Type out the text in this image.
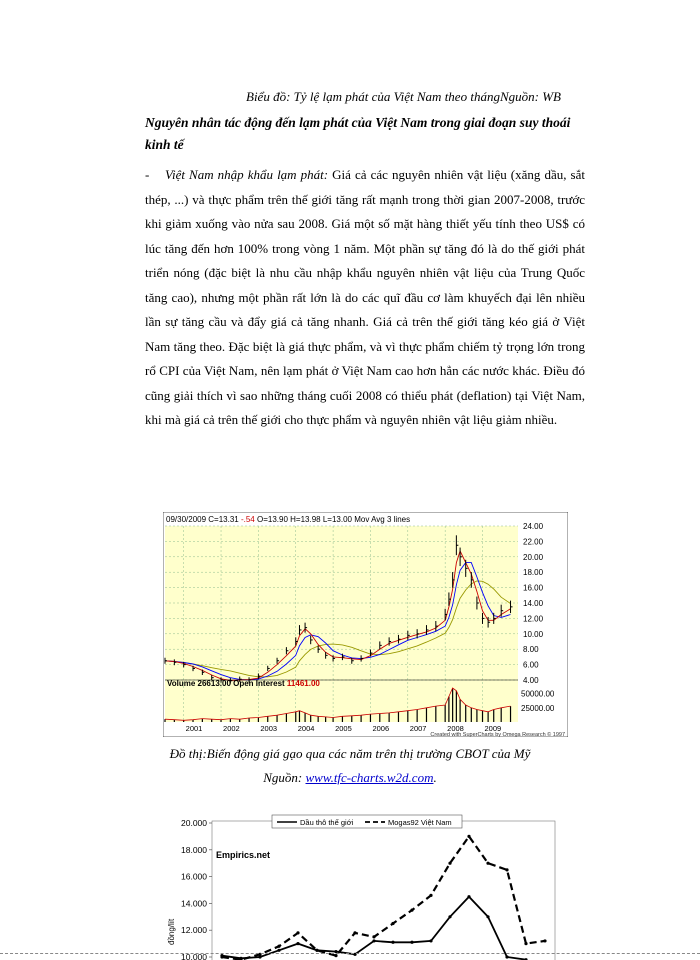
Biểu đồ: Tỷ lệ lạm phát của Việt Nam theo thángNguồn: WB
Nguyên nhân tác động đến lạm phát của Việt Nam trong giai đoạn suy thoái kinh tế
- Việt Nam nhập khẩu lạm phát: Giá cả các nguyên nhiên vật liệu (xăng dầu, sắt thép, ...) và thực phẩm trên thế giới tăng rất mạnh trong thời gian 2007-2008, trước khi giảm xuống vào nửa sau 2008. Giá một số mặt hàng thiết yếu tính theo US$ có lúc tăng đến hơn 100% trong vòng 1 năm. Một phần sự tăng đó là do thế giới phát triển nóng (đặc biệt là nhu cầu nhập khẩu nguyên nhiên vật liệu của Trung Quốc tăng cao), nhưng một phần rất lớn là do các quĩ đầu cơ làm khuyếch đại lên nhiều lần sự tăng cầu và đẩy giá cả tăng nhanh. Giá cả trên thế giới tăng kéo giá ở Việt Nam tăng theo. Đặc biệt là giá thực phẩm, và vì thực phẩm chiếm tỷ trọng lớn trong rổ CPI của Việt Nam, nên lạm phát ở Việt Nam cao hơn hẳn các nước khác. Điều đó cũng giải thích vì sao những tháng cuối 2008 có thiểu phát (deflation) tại Việt Nam, khi mà giá cả trên thế giới cho thực phẩm và nguyên nhiên vật liệu giảm nhiều.
09/30/2009 C=13.31 -.54 O=13.90 H=13.98 L=13.00 Mov Avg 3 lines
24.00
22.00
20.00
18.00
16.00
14.00
12.00
10.00
8.00
6.00
4.00
2001	2002	2003	2004	2005	2006	2007	2008	2009
Volume 26613.00 Open Interest 11461.00
50000.00
25000.00
Created with SuperCharts by Omega Research © 1997
Đồ thị:Biến động giá gạo qua các năm trên thị trường CBOT của Mỹ
Nguồn: www.tfc-charts.w2d.com.
20.000
18.000
16.000
14.000
12.000
10.000
đồng/lít
Empirics.net
Dầu thô thế giới	Mogas92 Việt Nam
